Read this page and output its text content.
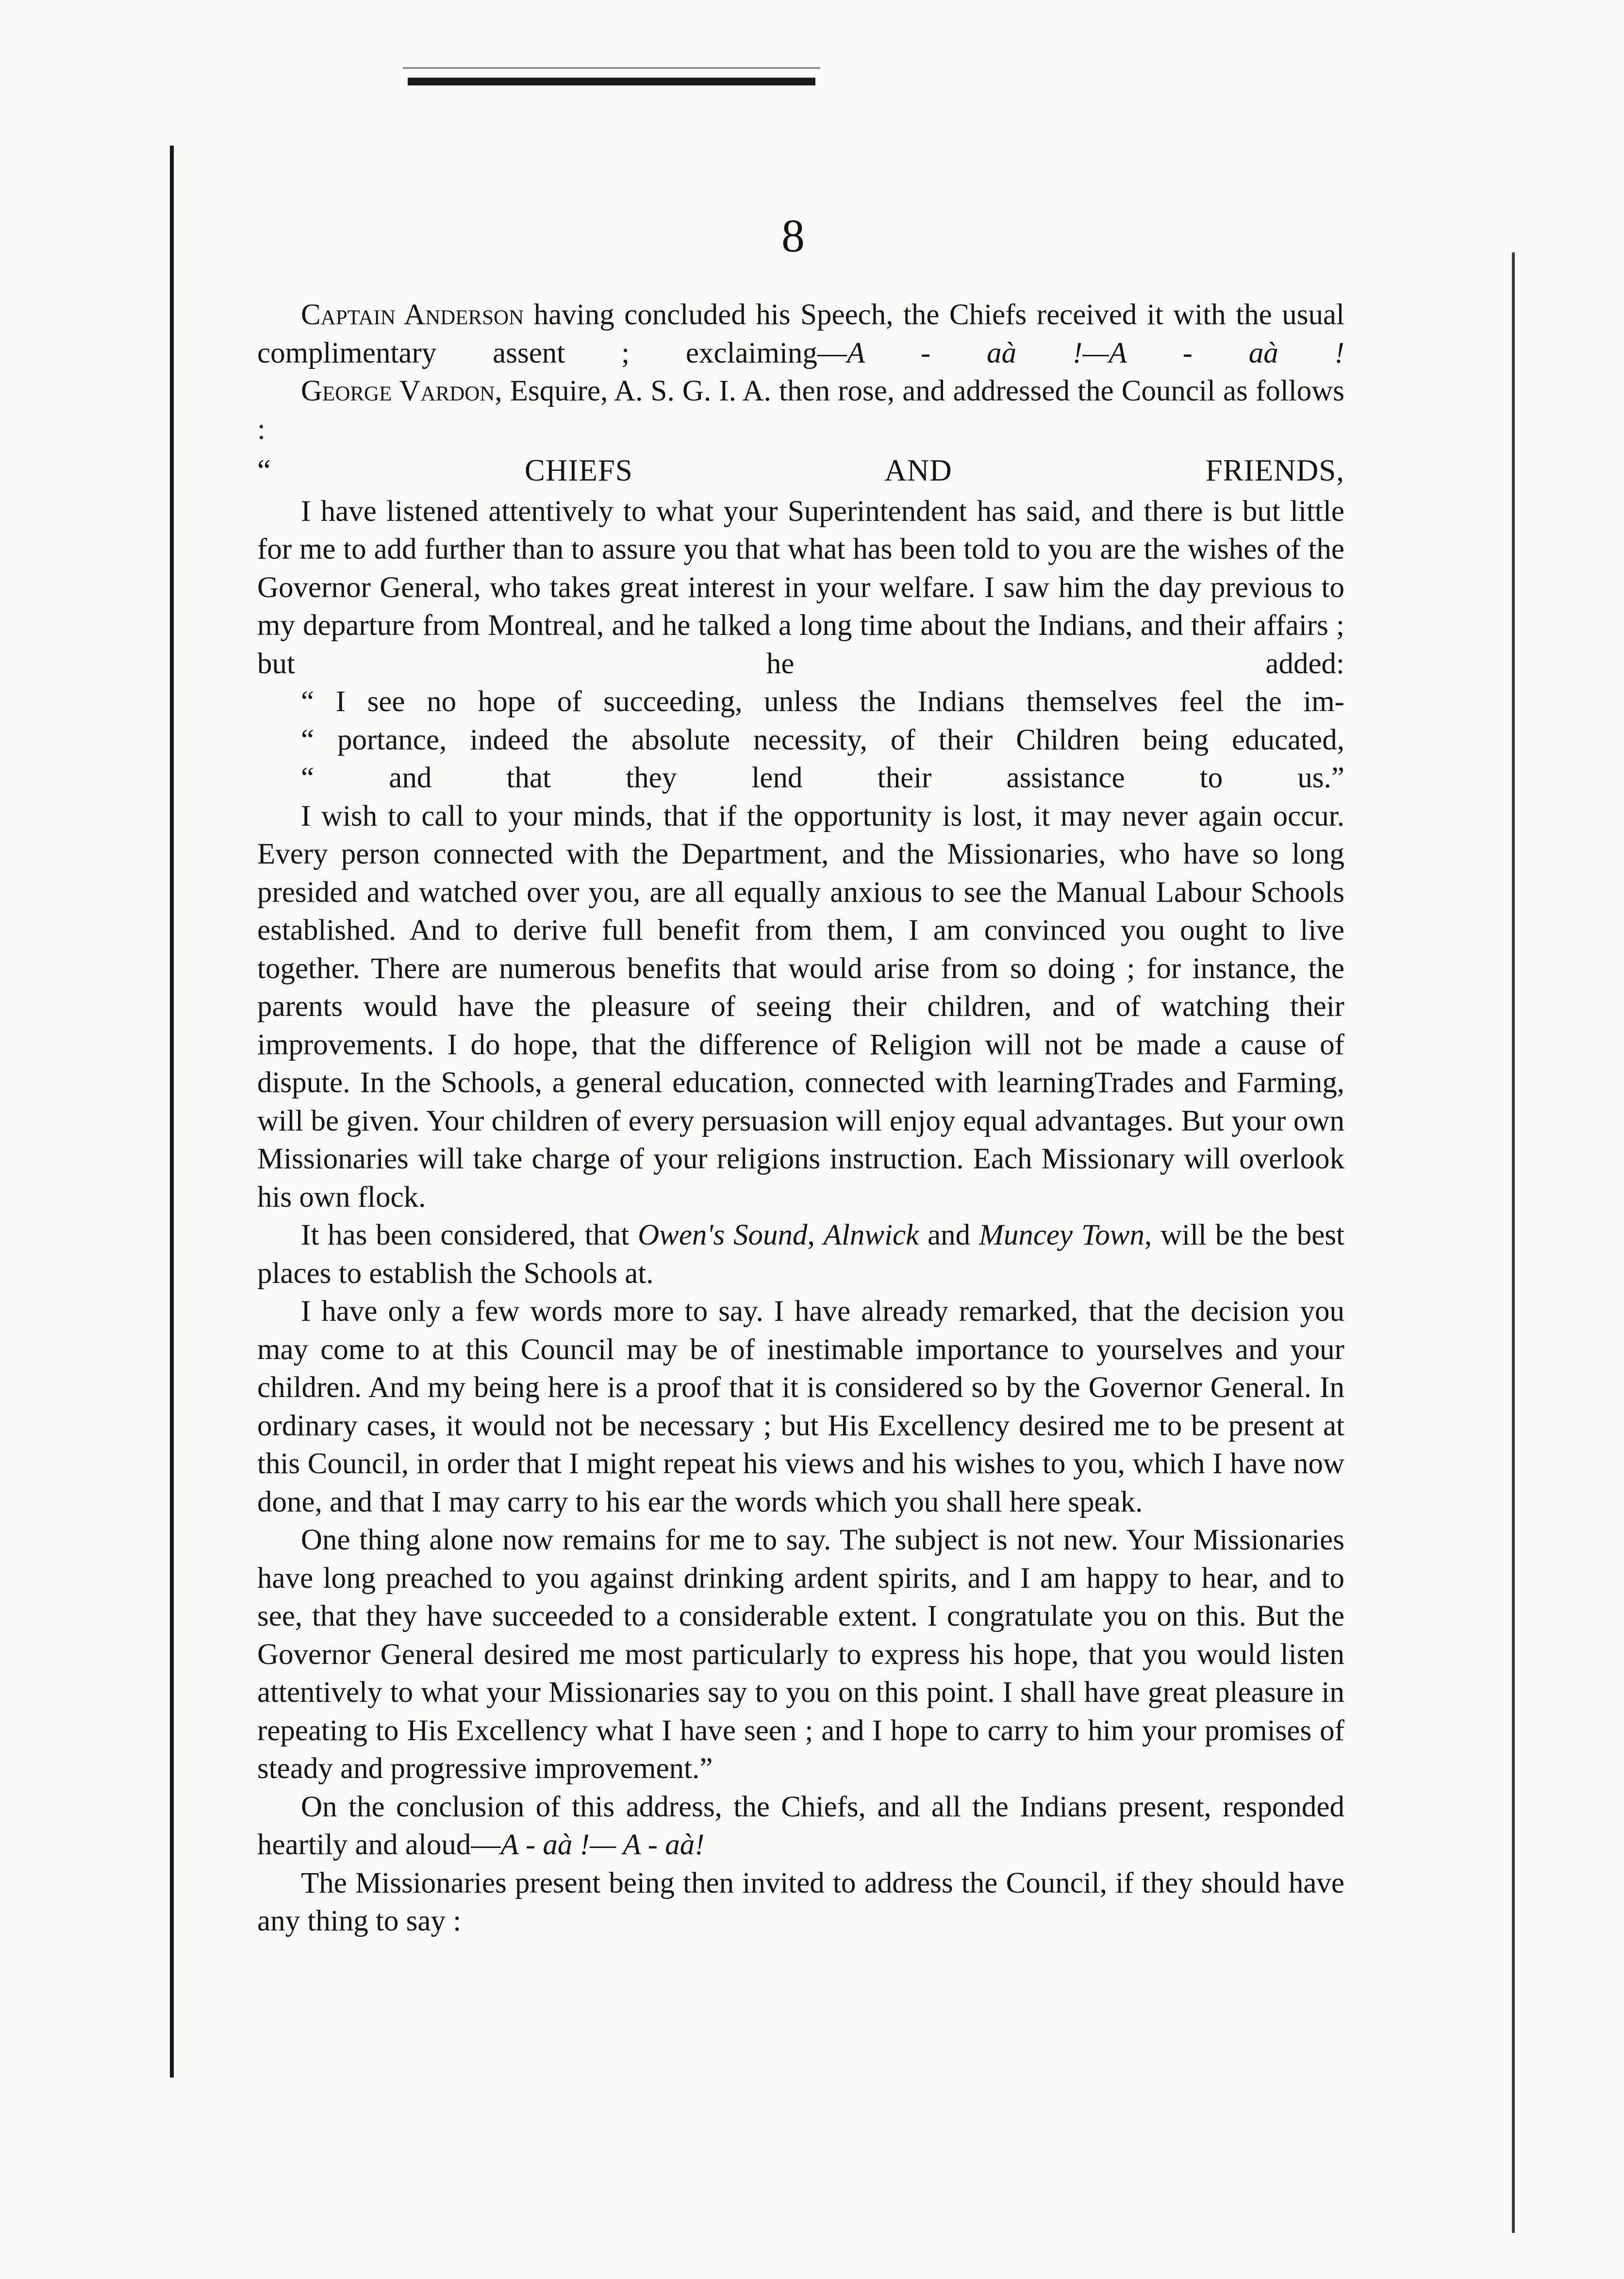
8

Captain Anderson having concluded his Speech, the Chiefs received it with the usual complimentary assent ; exclaiming—A - aà !—A - aà !

George Vardon, Esquire, A. S. G. I. A. then rose, and addressed the Council as follows :

“ CHIEFS AND FRIENDS,

I have listened attentively to what your Superintendent has said, and there is but little for me to add further than to assure you that what has been told to you are the wishes of the Governor General, who takes great interest in your welfare. I saw him the day previous to my departure from Montreal, and he talked a long time about the Indians, and their affairs ; but he added:
“ I see no hope of succeeding, unless the Indians themselves feel the im-
“ portance, indeed the absolute necessity, of their Children being educated,
“ and that they lend their assistance to us.”

I wish to call to your minds, that if the opportunity is lost, it may never again occur. Every person connected with the Department, and the Missionaries, who have so long presided and watched over you, are all equally anxious to see the Manual Labour Schools established. And to derive full benefit from them, I am convinced you ought to live together. There are numerous benefits that would arise from so doing ; for instance, the parents would have the pleasure of seeing their children, and of watching their improvements. I do hope, that the difference of Religion will not be made a cause of dispute. In the Schools, a general education, connected with learningTrades and Farming, will be given. Your children of every persuasion will enjoy equal advantages. But your own Missionaries will take charge of your religions instruction. Each Missionary will overlook his own flock.

It has been considered, that Owen's Sound, Alnwick and Muncey Town, will be the best places to establish the Schools at.

I have only a few words more to say. I have already remarked, that the decision you may come to at this Council may be of inestimable importance to yourselves and your children. And my being here is a proof that it is considered so by the Governor General. In ordinary cases, it would not be necessary ; but His Excellency desired me to be present at this Council, in order that I might repeat his views and his wishes to you, which I have now done, and that I may carry to his ear the words which you shall here speak.

One thing alone now remains for me to say. The subject is not new. Your Missionaries have long preached to you against drinking ardent spirits, and I am happy to hear, and to see, that they have succeeded to a considerable extent. I congratulate you on this. But the Governor General desired me most particularly to express his hope, that you would listen attentively to what your Missionaries say to you on this point. I shall have great pleasure in repeating to His Excellency what I have seen ; and I hope to carry to him your promises of steady and progressive improvement.”

On the conclusion of this address, the Chiefs, and all the Indians present, responded heartily and aloud—A - aà !— A - aà!

The Missionaries present being then invited to address the Council, if they should have any thing to say :
